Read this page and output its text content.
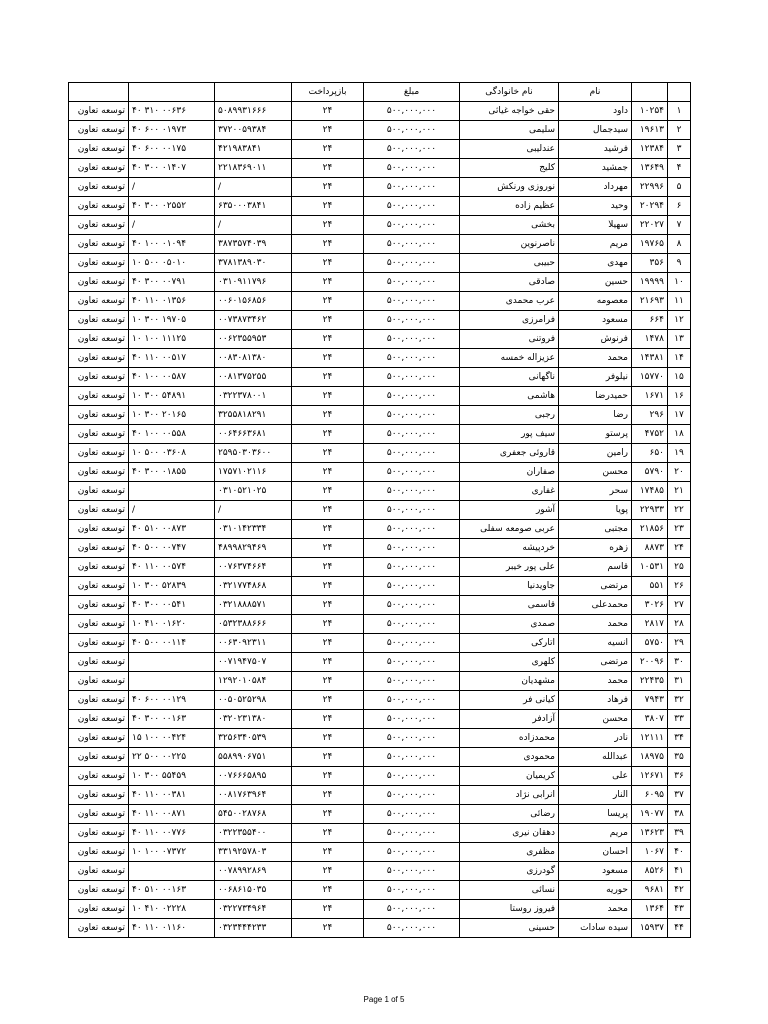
		نام	نام خانوادگی	مبلغ	بازپرداخت			
۱	۱۰۲۵۴	داود	حقی خواجه غیاثی	۵۰۰,۰۰۰,۰۰۰	۲۴	۵۰۸۹۹۳۱۶۶۶	۴۰ ۳۱۰ ۰۰۶۳۶	توسعه تعاون
۲	۱۹۶۱۳	سیدجمال	سلیمی	۵۰۰,۰۰۰,۰۰۰	۲۴	۳۷۲۰۰۵۹۳۸۴	۴۰ ۶۰۰ ۰۱۹۷۳	توسعه تعاون
۳	۱۲۳۸۴	فرشید	عندلیبی	۵۰۰,۰۰۰,۰۰۰	۲۴	۴۲۱۹۸۳۸۴۱	۴۰ ۶۰۰ ۰۰۱۷۵	توسعه تعاون
۴	۱۳۶۴۹	جمشید	کلیج	۵۰۰,۰۰۰,۰۰۰	۲۴	۲۲۱۸۳۶۹۰۱۱	۴۰ ۳۰۰ ۰۱۴۰۷	توسعه تعاون
۵	۲۲۹۹۶	مهرداد	نوروزی ورنکش	۵۰۰,۰۰۰,۰۰۰	۲۴	/	/	توسعه تعاون
۶	۲۰۲۹۴	وحید	عظیم زاده	۵۰۰,۰۰۰,۰۰۰	۲۴	۶۳۵۰۰۰۳۸۴۱	۴۰ ۳۰۰ ۰۲۵۵۲	توسعه تعاون
۷	۲۲۰۲۷	سهیلا	بخشی	۵۰۰,۰۰۰,۰۰۰	۲۴	/	/	توسعه تعاون
۸	۱۹۷۶۵	مریم	ناصرنوین	۵۰۰,۰۰۰,۰۰۰	۲۴	۳۸۷۳۵۷۴۰۳۹	۴۰ ۱۰۰ ۰۱۰۹۴	توسعه تعاون
۹	۳۵۶	مهدی	حبیبی	۵۰۰,۰۰۰,۰۰۰	۲۴	۳۷۸۱۳۸۹۰۳۰	۱۰ ۵۰۰ ۰۵۰۱۰	توسعه تعاون
۱۰	۱۹۹۹۹	حسین	صادقی	۵۰۰,۰۰۰,۰۰۰	۲۴	۰۳۱۰۹۱۱۷۹۶	۴۰ ۳۰۰ ۰۰۷۹۱	توسعه تعاون
۱۱	۲۱۶۹۳	معصومه	عرب محمدی	۵۰۰,۰۰۰,۰۰۰	۲۴	۰۰۶۰۱۵۶۸۵۶	۴۰ ۱۱۰ ۰۱۳۵۶	توسعه تعاون
۱۲	۶۶۴	مسعود	فرامرزی	۵۰۰,۰۰۰,۰۰۰	۲۴	۰۰۷۳۸۷۳۴۶۲	۱۰ ۳۰۰ ۱۹۷۰۵	توسعه تعاون
۱۳	۱۴۷۸	فرنوش	فروتنی	۵۰۰,۰۰۰,۰۰۰	۲۴	۰۰۶۲۳۵۵۹۵۳	۱۰ ۱۰۰ ۱۱۱۲۵	توسعه تعاون
۱۴	۱۴۳۸۱	محمد	عزیزاله خمسه	۵۰۰,۰۰۰,۰۰۰	۲۴	۰۰۸۳۰۸۱۳۸۰	۴۰ ۱۱۰ ۰۰۵۱۷	توسعه تعاون
۱۵	۱۵۷۷۰	نیلوفر	ناگهانی	۵۰۰,۰۰۰,۰۰۰	۲۴	۰۰۸۱۳۷۵۲۵۵	۴۰ ۱۰۰ ۰۰۵۸۷	توسعه تعاون
۱۶	۱۶۷۱	حمیدرضا	هاشمی	۵۰۰,۰۰۰,۰۰۰	۲۴	۰۳۲۲۳۷۸۰۰۱	۱۰ ۳۰۰ ۵۴۸۹۱	توسعه تعاون
۱۷	۲۹۶	رضا	رجبی	۵۰۰,۰۰۰,۰۰۰	۲۴	۳۲۵۵۸۱۸۲۹۱	۱۰ ۳۰۰ ۲۰۱۶۵	توسعه تعاون
۱۸	۴۷۵۲	پرستو	سیف پور	۵۰۰,۰۰۰,۰۰۰	۲۴	۰۰۶۴۶۶۳۶۸۱	۴۰ ۱۰۰ ۰۰۵۵۸	توسعه تعاون
۱۹	۶۵۰	رامین	قاروئی جعفری	۵۰۰,۰۰۰,۰۰۰	۲۴	۲۵۹۵۰۳۰۳۶۰۰	۱۰ ۵۰۰ ۰۳۶۰۸	توسعه تعاون
۲۰	۵۷۹۰	محسن	صفاران	۵۰۰,۰۰۰,۰۰۰	۲۴	۱۷۵۷۱۰۲۱۱۶	۴۰ ۳۰۰ ۰۱۸۵۵	توسعه تعاون
۲۱	۱۷۴۸۵	سحر	غفاری	۵۰۰,۰۰۰,۰۰۰	۲۴	۰۳۱۰۵۲۱۰۲۵		توسعه تعاون
۲۲	۲۲۹۳۳	پویا	آشور	۵۰۰,۰۰۰,۰۰۰	۲۴	/	/	توسعه تعاون
۲۳	۲۱۸۵۶	مجتبی	عربی صومعه سفلی	۵۰۰,۰۰۰,۰۰۰	۲۴	۰۳۱۰۱۴۲۳۳۴	۴۰ ۵۱۰ ۰۰۸۷۳	توسعه تعاون
۲۴	۸۸۷۳	زهره	خردپیشه	۵۰۰,۰۰۰,۰۰۰	۲۴	۴۸۹۹۸۲۹۴۶۹	۴۰ ۵۰۰ ۰۰۷۴۷	توسعه تعاون
۲۵	۱۰۵۳۱	قاسم	علی پور خیبر	۵۰۰,۰۰۰,۰۰۰	۲۴	۰۰۷۶۳۷۴۶۶۴	۴۰ ۱۱۰ ۰۰۵۷۴	توسعه تعاون
۲۶	۵۵۱	مرتضی	جاویدنیا	۵۰۰,۰۰۰,۰۰۰	۲۴	۰۳۲۱۷۷۴۸۶۸	۱۰ ۳۰۰ ۵۲۸۳۹	توسعه تعاون
۲۷	۳۰۲۶	محمدعلی	قاسمی	۵۰۰,۰۰۰,۰۰۰	۲۴	۰۳۲۱۸۸۸۵۷۱	۴۰ ۳۰۰ ۰۰۵۴۱	توسعه تعاون
۲۸	۲۸۱۷	محمد	صمدی	۵۰۰,۰۰۰,۰۰۰	۲۴	۰۵۳۲۳۸۸۶۶۶	۱۰ ۴۱۰ ۰۱۶۲۰	توسعه تعاون
۲۹	۵۷۵۰	انسیه	اتارکی	۵۰۰,۰۰۰,۰۰۰	۲۴	۰۰۶۳۰۹۲۳۱۱	۴۰ ۵۰۰ ۰۰۱۱۴	توسعه تعاون
۳۰	۲۰۰۹۶	مرتضی	کلهری	۵۰۰,۰۰۰,۰۰۰	۲۴	۰۰۷۱۹۴۷۵۰۷		توسعه تعاون
۳۱	۲۲۴۳۵	محمد	مشهدیان	۵۰۰,۰۰۰,۰۰۰	۲۴	۱۲۹۲۰۱۰۵۸۴		توسعه تعاون
۳۲	۷۹۴۳	فرهاد	کیانی فر	۵۰۰,۰۰۰,۰۰۰	۲۴	۰۰۵۰۵۲۵۲۹۸	۴۰ ۶۰۰ ۰۰۱۲۹	توسعه تعاون
۳۳	۳۸۰۷	محسن	آزادفر	۵۰۰,۰۰۰,۰۰۰	۲۴	۰۳۲۰۲۳۱۳۸۰	۴۰ ۳۰۰ ۰۰۱۶۳	توسعه تعاون
۳۴	۱۲۱۱۱	نادر	محمدزاده	۵۰۰,۰۰۰,۰۰۰	۲۴	۳۲۵۶۳۴۰۵۳۹	۱۵ ۱۰۰ ۰۰۴۲۴	توسعه تعاون
۳۵	۱۸۹۷۵	عبدالله	محمودی	۵۰۰,۰۰۰,۰۰۰	۲۴	۵۵۸۹۹۰۶۷۵۱	۲۲ ۵۰۰ ۰۰۲۲۵	توسعه تعاون
۳۶	۱۲۶۷۱	علی	کریمیان	۵۰۰,۰۰۰,۰۰۰	۲۴	۰۰۷۶۶۶۵۸۹۵	۱۰ ۳۰۰ ۵۵۴۵۹	توسعه تعاون
۳۷	۶۰۹۵	النار	انرابی نژاد	۵۰۰,۰۰۰,۰۰۰	۲۴	۰۰۸۱۷۶۳۹۶۴	۴۰ ۱۱۰ ۰۰۳۸۱	توسعه تعاون
۳۸	۱۹۰۷۷	پریسا	رضائی	۵۰۰,۰۰۰,۰۰۰	۲۴	۵۴۵۰۰۲۸۷۶۸	۴۰ ۱۱۰ ۰۰۸۷۱	توسعه تعاون
۳۹	۱۳۶۲۳	مریم	دهقان نیری	۵۰۰,۰۰۰,۰۰۰	۲۴	۰۳۲۲۳۵۵۴۰۰	۴۰ ۱۱۰ ۰۰۷۷۶	توسعه تعاون
۴۰	۱۰۶۷	احسان	مظفری	۵۰۰,۰۰۰,۰۰۰	۲۴	۳۳۱۹۲۵۷۸۰۳	۱۰ ۱۰۰ ۰۷۳۷۲	توسعه تعاون
۴۱	۸۵۲۶	مسعود	گودرزی	۵۰۰,۰۰۰,۰۰۰	۲۴	۰۰۷۸۹۹۲۸۶۹		توسعه تعاون
۴۲	۹۶۸۱	حوریه	نسائی	۵۰۰,۰۰۰,۰۰۰	۲۴	۰۰۶۸۶۱۵۰۳۵	۴۰ ۵۱۰ ۰۰۱۶۳	توسعه تعاون
۴۳	۱۳۶۴	محمد	فیروز روستا	۵۰۰,۰۰۰,۰۰۰	۲۴	۰۳۲۲۷۳۴۹۶۴	۱۰ ۴۱۰ ۰۲۲۲۸	توسعه تعاون
۴۴	۱۵۹۳۷	سیده سادات	حسینی	۵۰۰,۰۰۰,۰۰۰	۲۴	۰۳۲۳۴۴۴۲۳۳	۴۰ ۱۱۰ ۰۱۱۶۰	توسعه تعاون
Page 1 of 5
